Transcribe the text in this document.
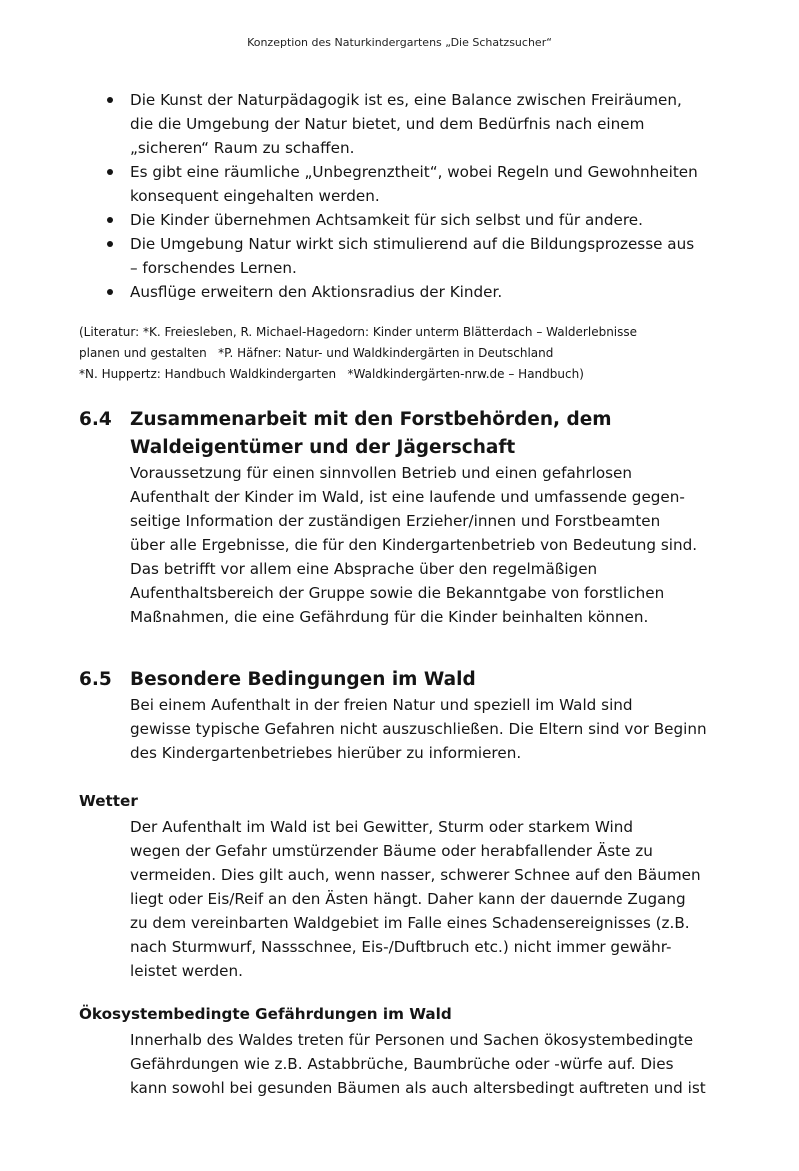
Konzeption des Naturkindergartens „Die Schatzsucher“
Die Kunst der Naturpädagogik ist es, eine Balance zwischen Freiräumen,
die die Umgebung der Natur bietet, und dem Bedürfnis nach einem
„sicheren“ Raum zu schaffen.
Es gibt eine räumliche „Unbegrenztheit“, wobei Regeln und Gewohnheiten
konsequent eingehalten werden.
Die Kinder übernehmen Achtsamkeit für sich selbst und für andere.
Die Umgebung Natur wirkt sich stimulierend auf die Bildungsprozesse aus
– forschendes Lernen.
Ausflüge erweitern den Aktionsradius der Kinder.

(Literatur: *K. Freiesleben, R. Michael-Hagedorn: Kinder unterm Blätterdach – Walderlebnisse

planen und gestalten   *P. Häfner: Natur- und Waldkindergärten in Deutschland

*N. Huppertz: Handbuch Waldkindergarten   *Waldkindergärten-nrw.de – Handbuch)

6.4 Zusammenarbeit mit den Forstbehörden, dem
Waldeigentümer und der Jägerschaft

Voraussetzung für einen sinnvollen Betrieb und einen gefahrlosen

Aufenthalt der Kinder im Wald, ist eine laufende und umfassende gegen-

seitige Information der zuständigen Erzieher/innen und Forstbeamten

über alle Ergebnisse, die für den Kindergartenbetrieb von Bedeutung sind.

Das betrifft vor allem eine Absprache über den regelmäßigen

Aufenthaltsbereich der Gruppe sowie die Bekanntgabe von forstlichen

Maßnahmen, die eine Gefährdung für die Kinder beinhalten können.

6.5 Besondere Bedingungen im Wald

Bei einem Aufenthalt in der freien Natur und speziell im Wald sind

gewisse typische Gefahren nicht auszuschließen. Die Eltern sind vor Beginn

des Kindergartenbetriebes hierüber zu informieren.

Wetter

Der Aufenthalt im Wald ist bei Gewitter, Sturm oder starkem Wind

wegen der Gefahr umstürzender Bäume oder herabfallender Äste zu

vermeiden. Dies gilt auch, wenn nasser, schwerer Schnee auf den Bäumen

liegt oder Eis/Reif an den Ästen hängt. Daher kann der dauernde Zugang

zu dem vereinbarten Waldgebiet im Falle eines Schadensereignisses (z.B.

nach Sturmwurf, Nassschnee, Eis-/Duftbruch etc.) nicht immer gewähr-

leistet werden.

Ökosystembedingte Gefährdungen im Wald

Innerhalb des Waldes treten für Personen und Sachen ökosystembedingte

Gefährdungen wie z.B. Astabbrüche, Baumbrüche oder -würfe auf. Dies

kann sowohl bei gesunden Bäumen als auch altersbedingt auftreten und ist
